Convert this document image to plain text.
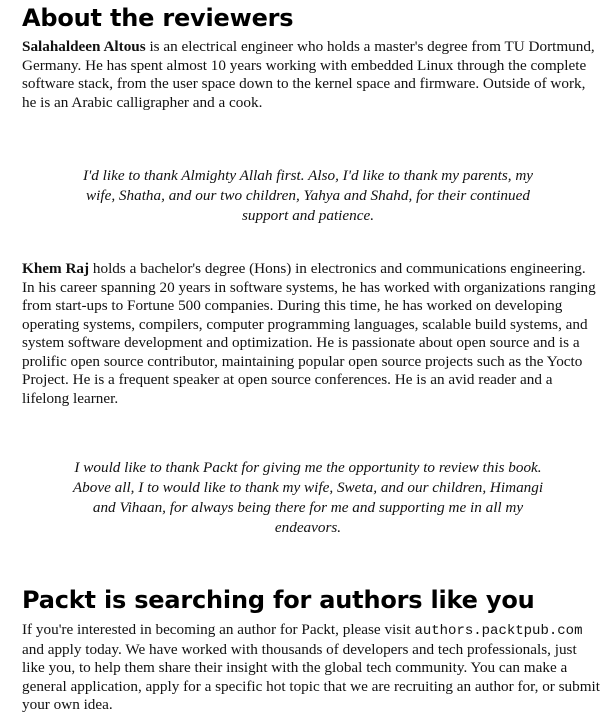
About the reviewers

Salahaldeen Altous is an electrical engineer who holds a master's degree from TU Dortmund, Germany. He has spent almost 10 years working with embedded Linux through the complete software stack, from the user space down to the kernel space and firmware. Outside of work, he is an Arabic calligrapher and a cook.

I'd like to thank Almighty Allah first. Also, I'd like to thank my parents, my wife, Shatha, and our two children, Yahya and Shahd, for their continued support and patience.

Khem Raj holds a bachelor's degree (Hons) in electronics and communications engineering. In his career spanning 20 years in software systems, he has worked with organizations ranging from start-ups to Fortune 500 companies. During this time, he has worked on developing operating systems, compilers, computer programming languages, scalable build systems, and system software development and optimization. He is passionate about open source and is a prolific open source contributor, maintaining popular open source projects such as the Yocto Project. He is a frequent speaker at open source conferences. He is an avid reader and a lifelong learner.

I would like to thank Packt for giving me the opportunity to review this book. Above all, I to would like to thank my wife, Sweta, and our children, Himangi and Vihaan, for always being there for me and supporting me in all my endeavors.

Packt is searching for authors like you

If you're interested in becoming an author for Packt, please visit authors.packtpub.com and apply today. We have worked with thousands of developers and tech professionals, just like you, to help them share their insight with the global tech community. You can make a general application, apply for a specific hot topic that we are recruiting an author for, or submit your own idea.
